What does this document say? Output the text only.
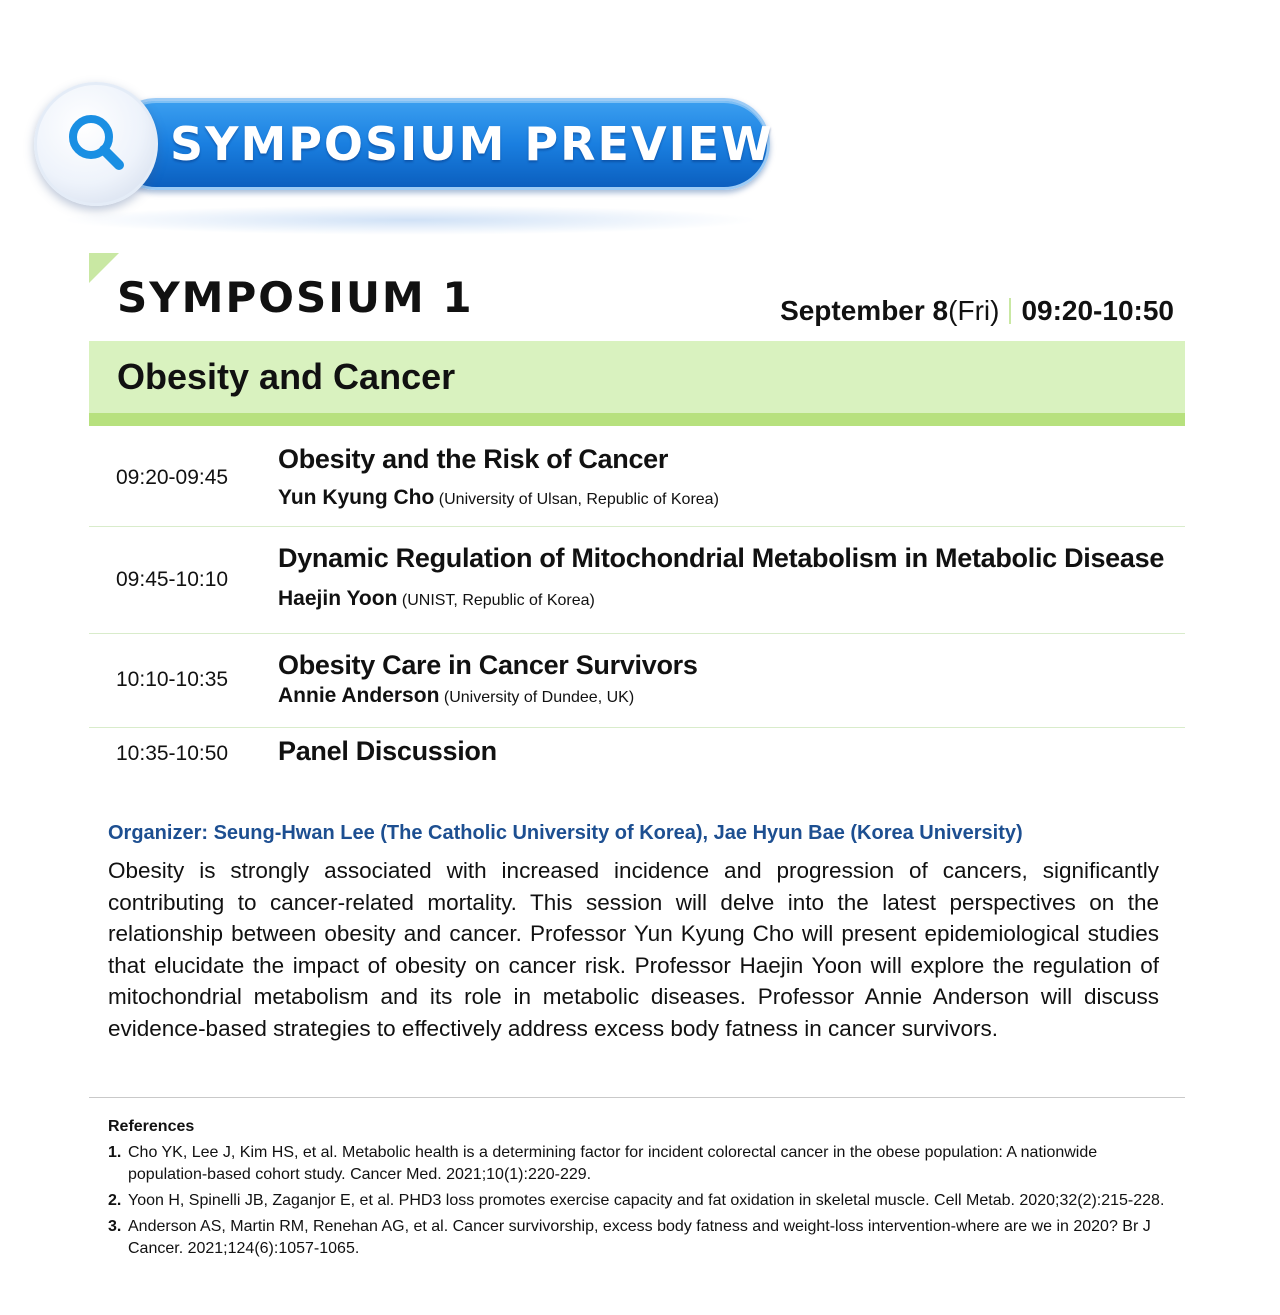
SYMPOSIUM PREVIEW
SYMPOSIUM 1	September 8(Fri) 09:20-10:50
Obesity and Cancer
09:20-09:45
Obesity and the Risk of Cancer
Yun Kyung Cho (University of Ulsan, Republic of Korea)
09:45-10:10
Dynamic Regulation of Mitochondrial Metabolism in Metabolic Disease
Haejin Yoon (UNIST, Republic of Korea)
10:10-10:35 Obesity Care in Cancer Survivors
Annie Anderson (University of Dundee, UK)
10:35-10:50 Panel Discussion
Organizer: Seung-Hwan Lee (The Catholic University of Korea), Jae Hyun Bae (Korea University)

Obesity is strongly associated with increased incidence and progression of cancers, significantly contributing to cancer-related mortality. This session will delve into the latest perspectives on the relationship between obesity and cancer. Professor Yun Kyung Cho will present epidemiological studies that elucidate the impact of obesity on cancer risk. Professor Haejin Yoon will explore the regulation of mitochondrial metabolism and its role in metabolic diseases. Professor Annie Anderson will discuss evidence-based strategies to effectively address excess body fatness in cancer survivors.

References
1. Cho YK, Lee J, Kim HS, et al. Metabolic health is a determining factor for incident colorectal cancer in the obese population: A nationwide population-based cohort study. Cancer Med. 2021;10(1):220-229.
2. Yoon H, Spinelli JB, Zaganjor E, et al. PHD3 loss promotes exercise capacity and fat oxidation in skeletal muscle. Cell Metab. 2020;32(2):215-228.
3. Anderson AS, Martin RM, Renehan AG, et al. Cancer survivorship, excess body fatness and weight-loss intervention-where are we in 2020? Br J Cancer. 2021;124(6):1057-1065.
